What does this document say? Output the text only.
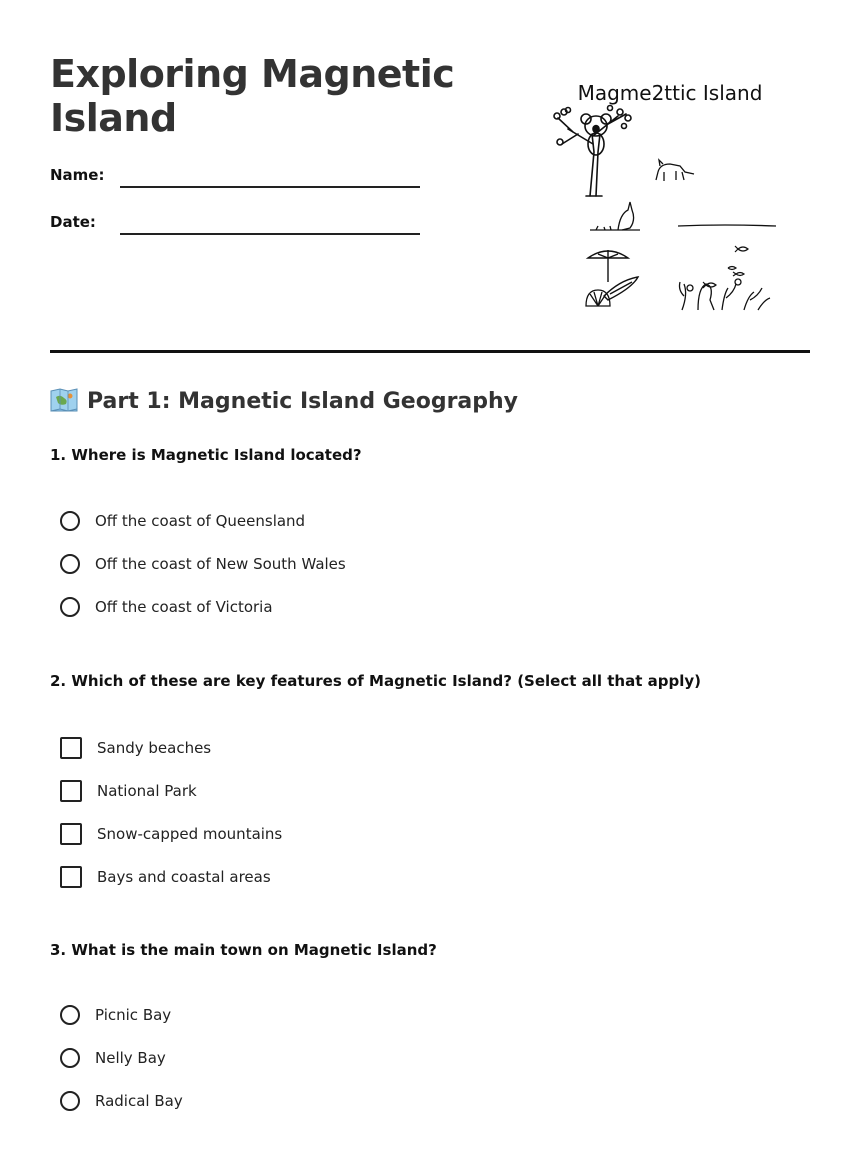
Exploring Magnetic Island
Name:
Date:
Magme2ttic Island
Part 1: Magnetic Island Geography
1. Where is Magnetic Island located?
Off the coast of Queensland
Off the coast of New South Wales
Off the coast of Victoria
2. Which of these are key features of Magnetic Island? (Select all that apply)
Sandy beaches
National Park
Snow-capped mountains
Bays and coastal areas
3. What is the main town on Magnetic Island?
Picnic Bay
Nelly Bay
Radical Bay
